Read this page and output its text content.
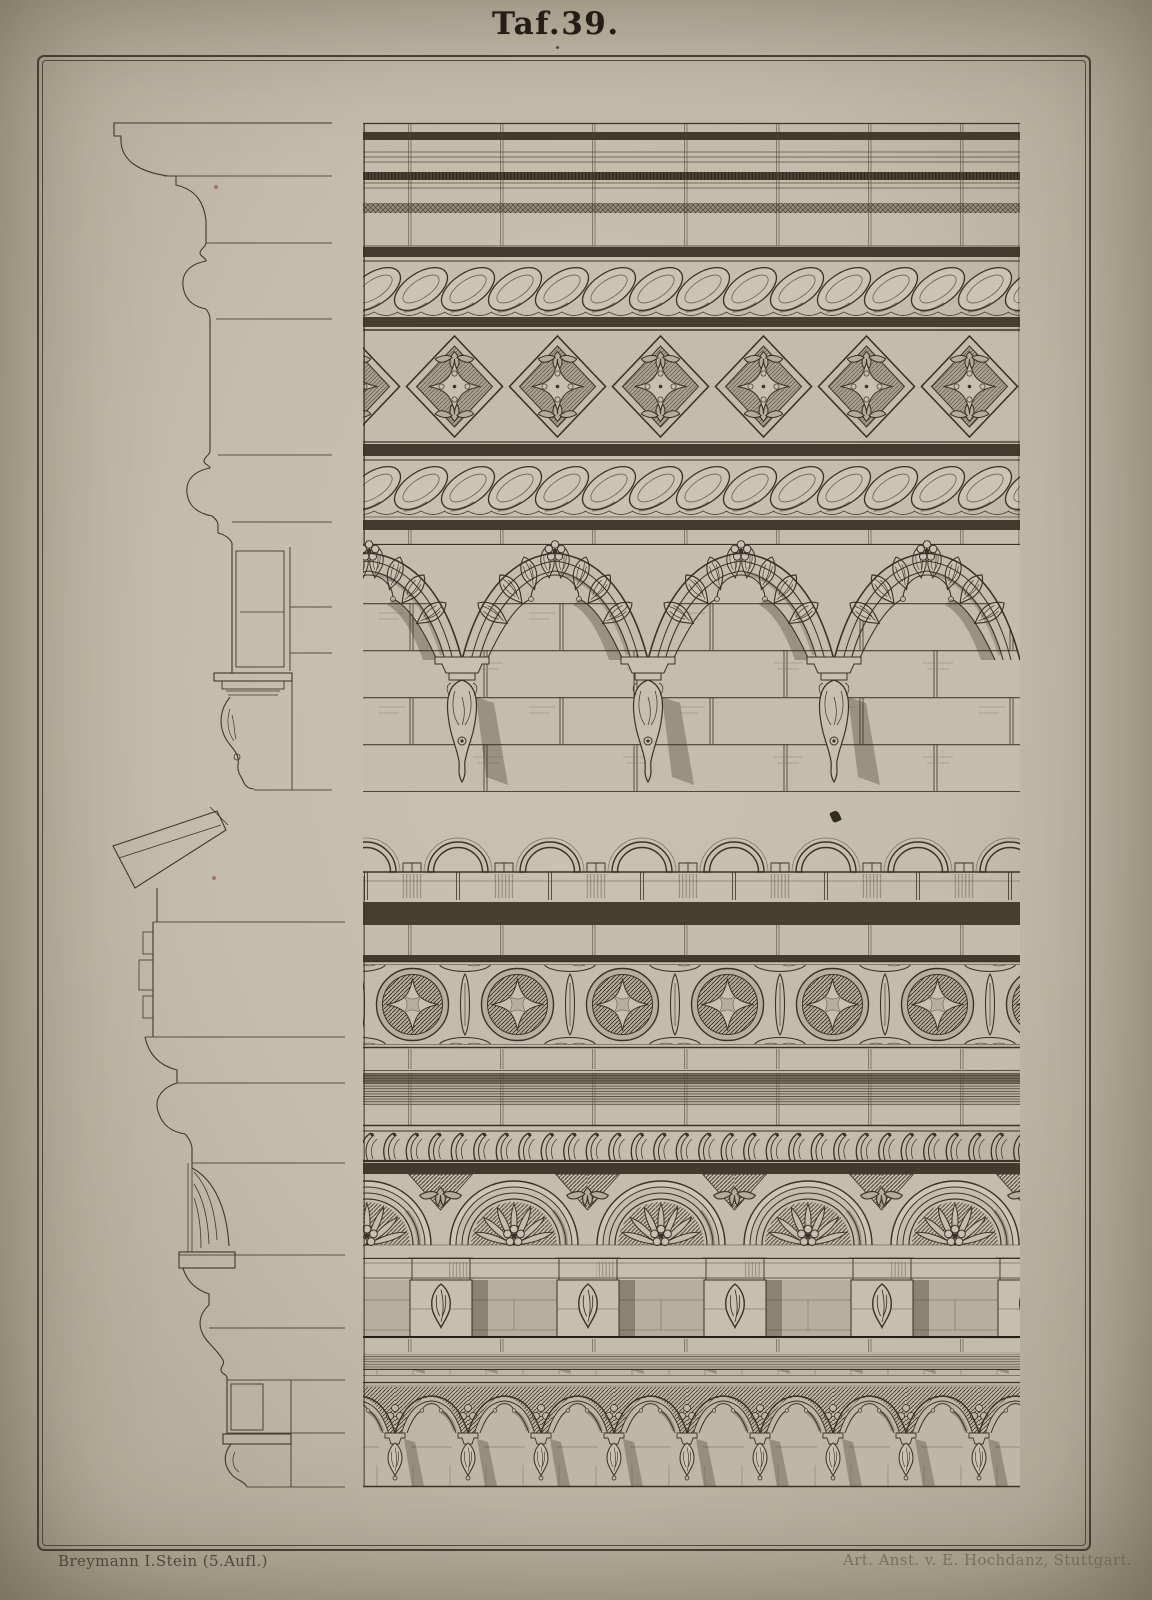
Taf.39.
Breymann I.Stein (5.Aufl.)	Art. Anst. v. E. Hochdanz, Stuttgart.
